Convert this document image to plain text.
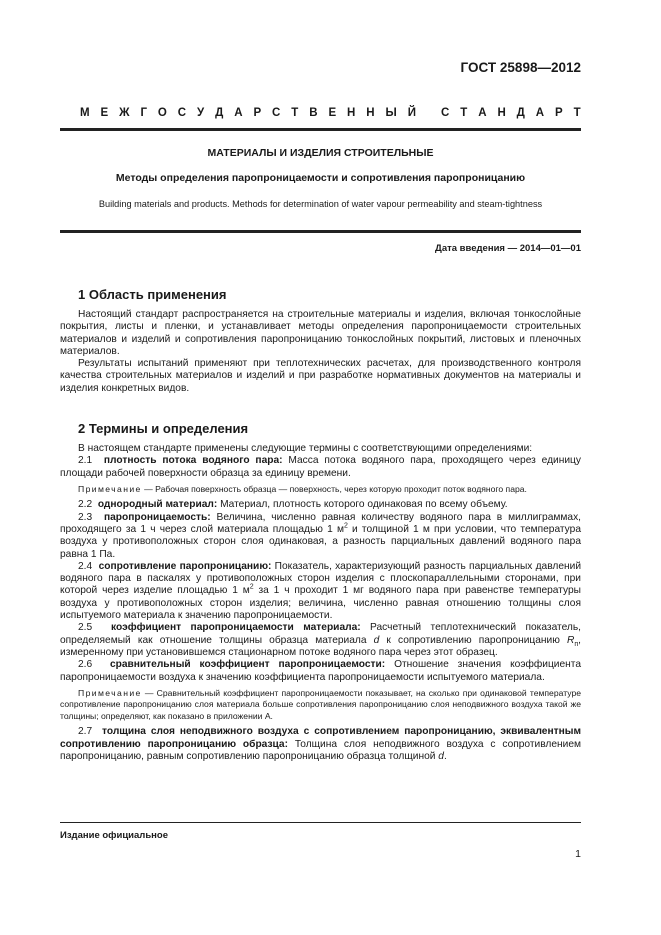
ГОСТ 25898—2012
М Е Ж Г О С У Д А Р С Т В Е Н Н Ы Й
С Т А Н Д А Р Т
МАТЕРИАЛЫ И ИЗДЕЛИЯ СТРОИТЕЛЬНЫЕ
Методы определения паропроницаемости и сопротивления паропроницанию
Building materials and products. Methods for determination of water vapour permeability and steam-tightness
Дата введения — 2014—01—01
1 Область применения

Настоящий стандарт распространяется на строительные материалы и изделия, включая тонкослойные покрытия, листы и пленки, и устанавливает методы определения паропроницаемости строительных материалов и изделий и сопротивления паропроницанию тонкослойных покрытий, листовых и пленочных материалов.

Результаты испытаний применяют при теплотехнических расчетах, для производственного контроля качества строительных материалов и изделий и при разработке нормативных документов на материалы и изделия конкретных видов.

2 Термины и определения

В настоящем стандарте применены следующие термины с соответствующими определениями:

2.1 плотность потока водяного пара: Масса потока водяного пара, проходящего через единицу площади рабочей поверхности образца за единицу времени.

Примечание — Рабочая поверхность образца — поверхность, через которую проходит поток водяного пара.

2.2 однородный материал: Материал, плотность которого одинаковая по всему объему.

2.3 паропроницаемость: Величина, численно равная количеству водяного пара в миллиграммах, проходящего за 1 ч через слой материала площадью 1 $м^2$ и толщиной 1 м при условии, что температура воздуха у противоположных сторон слоя одинаковая, а разность парциальных давлений водяного пара равна 1 Па.

2.4 сопротивление паропроницанию: Показатель, характеризующий разность парциальных давлений водяного пара в паскалях у противоположных сторон изделия с плоскопараллельными сторонами, при которой через изделие площадью 1 $м^2$ за 1 ч проходит 1 мг водяного пара при равенстве температуры воздуха у противоположных сторон изделия; величина, численно равная отношению толщины слоя испытуемого материала к значению паропроницаемости.

2.5 коэффициент паропроницаемости материала: Расчетный теплотехнический показатель, определяемый как отношение толщины образца материала d к сопротивлению паропроницанию $R_п$, измеренному при установившемся стационарном потоке водяного пара через этот образец.

2.6 сравнительный коэффициент паропроницаемости: Отношение значения коэффициента паропроницаемости воздуха к значению коэффициента паропроницаемости испытуемого материала.

Примечание — Сравнительный коэффициент паропроницаемости показывает, на сколько при одинаковой температуре сопротивление паропроницанию слоя материала больше сопротивления паропроницанию слоя неподвижного воздуха такой же толщины; определяют, как показано в приложении А.

2.7 толщина слоя неподвижного воздуха с сопротивлением паропроницанию, эквивалентным сопротивлению паропроницанию образца: Толщина слоя неподвижного воздуха с сопротивлением паропроницанию, равным сопротивлению паропроницанию образца толщиной d.

Издание официальное
1
